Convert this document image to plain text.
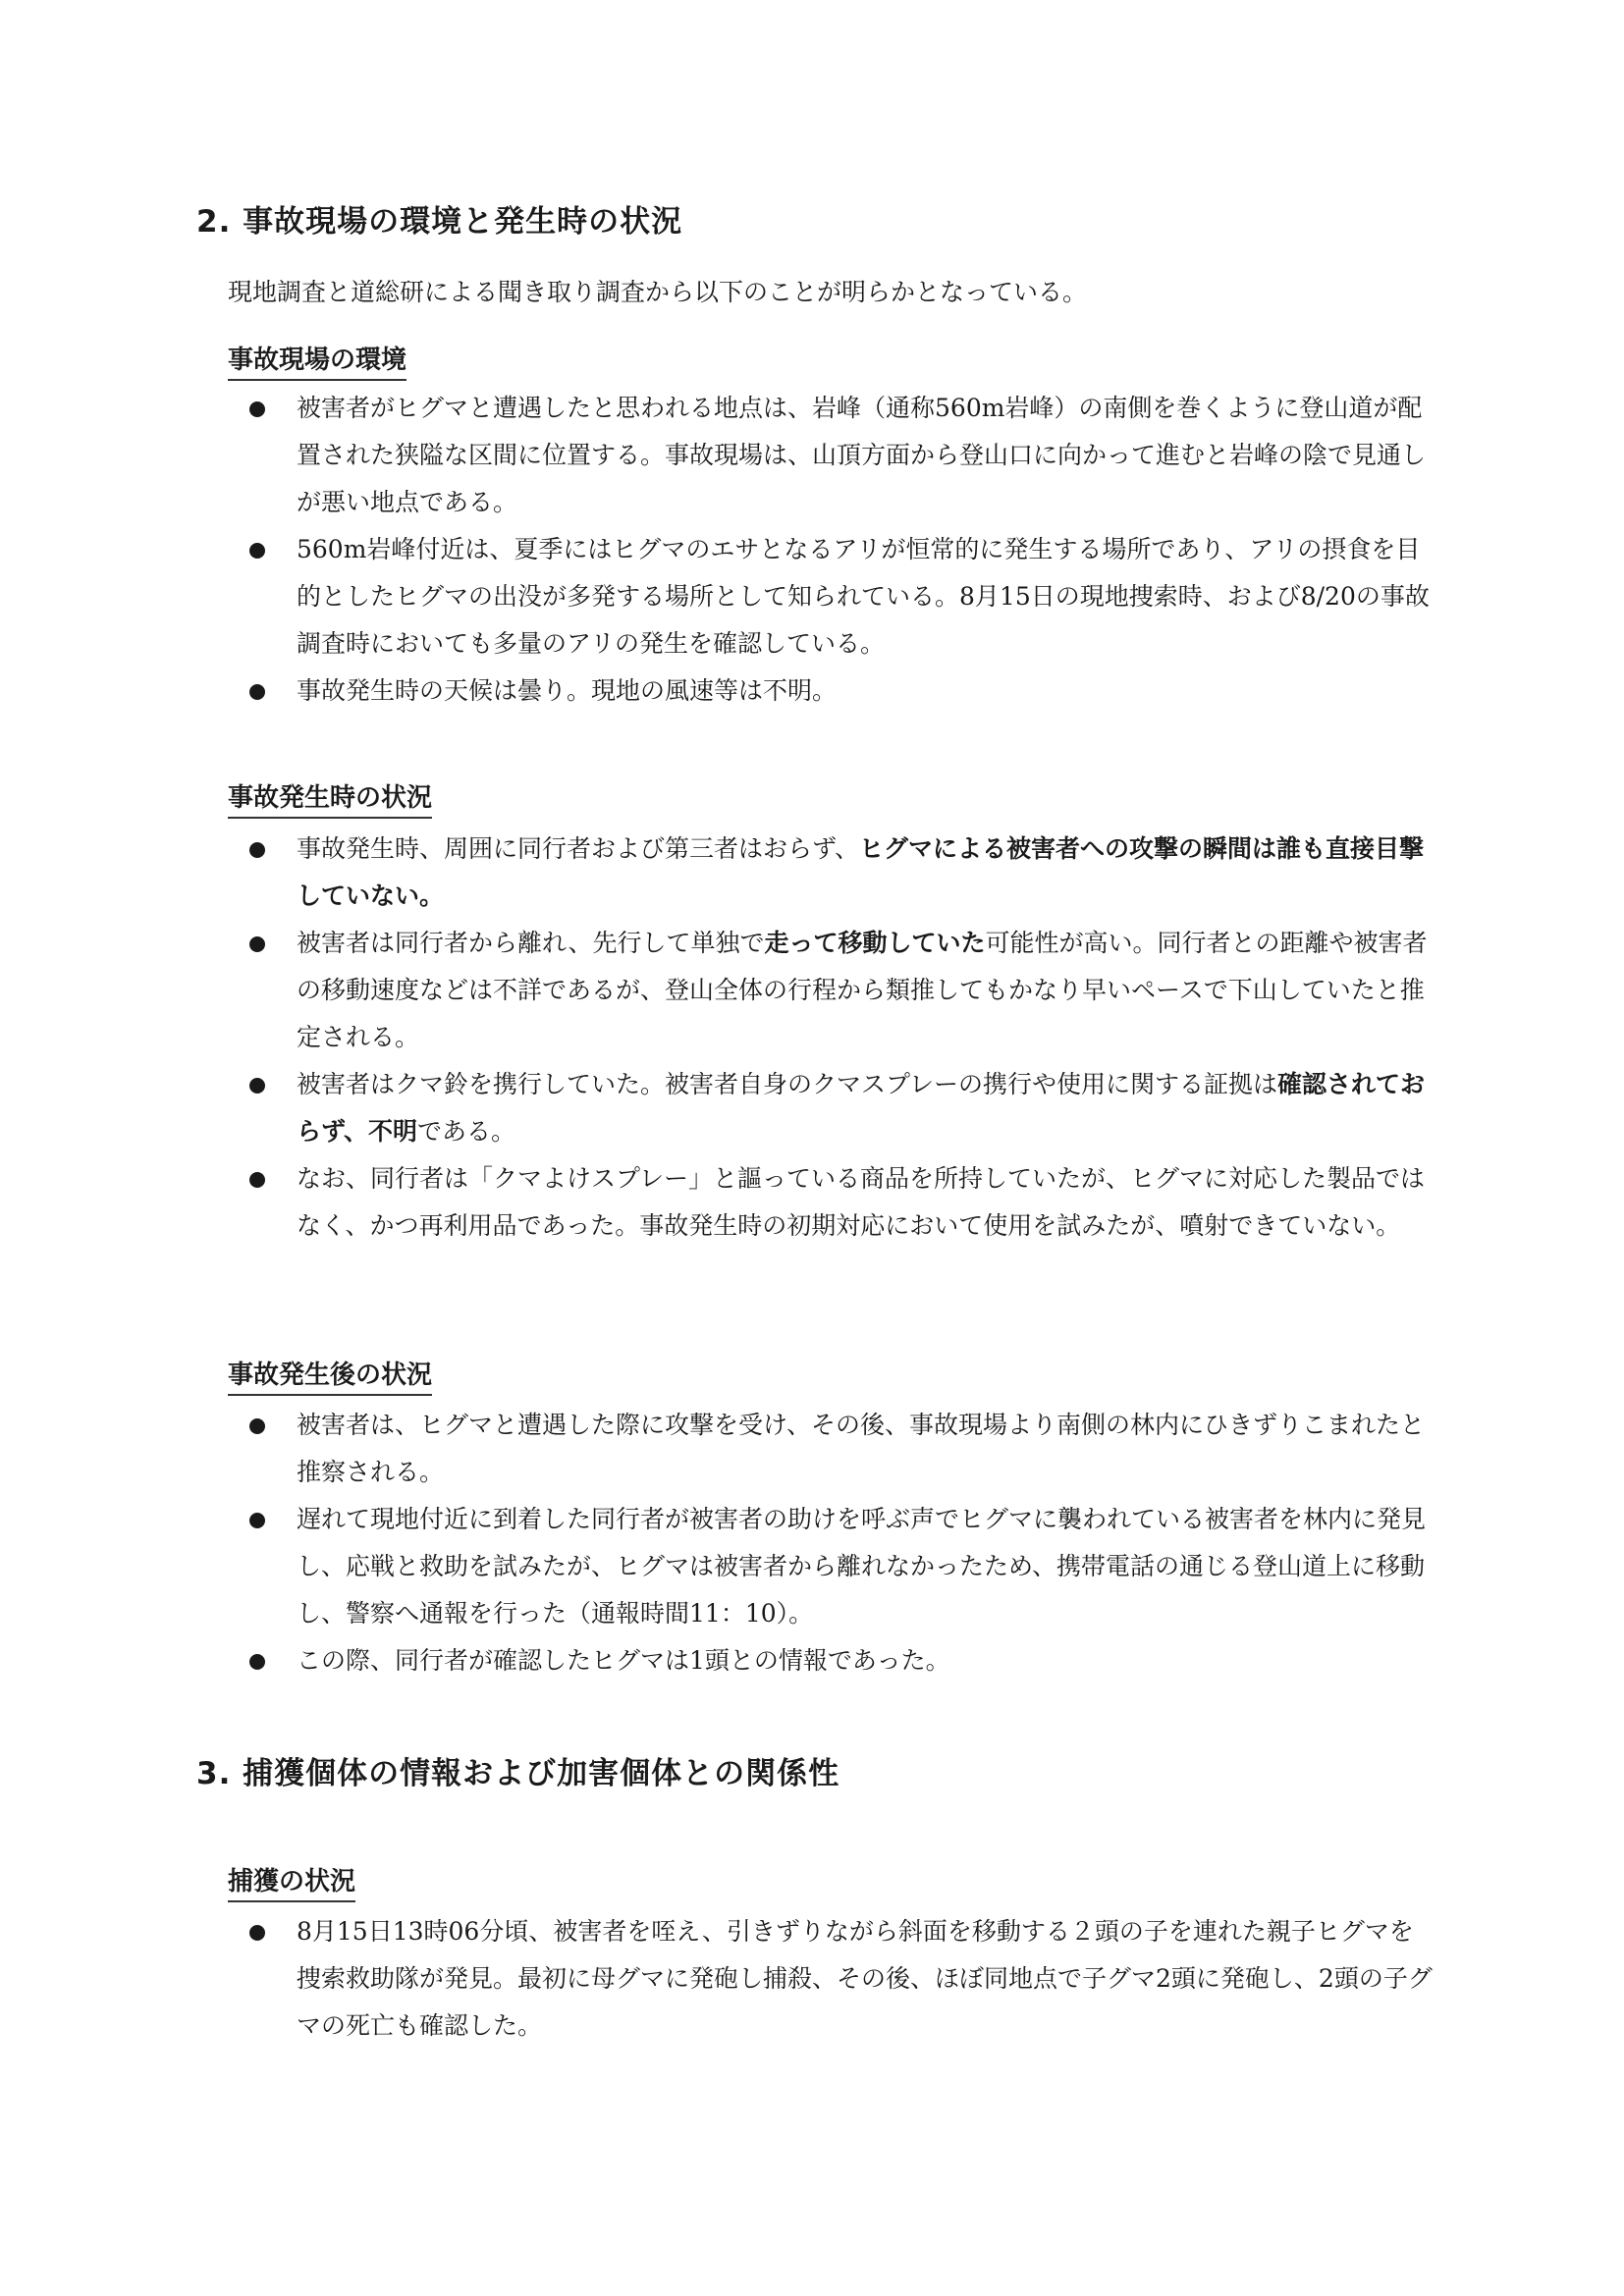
2. 事故現場の環境と発生時の状況

現地調査と道総研による聞き取り調査から以下のことが明らかとなっている。

事故現場の環境
被害者がヒグマと遭遇したと思われる地点は、岩峰（通称560m岩峰）の南側を巻くように登山道が配置された狭隘な区間に位置する。事故現場は、山頂方面から登山口に向かって進むと岩峰の陰で見通しが悪い地点である。
560m岩峰付近は、夏季にはヒグマのエサとなるアリが恒常的に発生する場所であり、アリの摂食を目的としたヒグマの出没が多発する場所として知られている。8月15日の現地捜索時、および8/20の事故調査時においても多量のアリの発生を確認している。
事故発生時の天候は曇り。現地の風速等は不明。
事故発生時の状況
事故発生時、周囲に同行者および第三者はおらず、ヒグマによる被害者への攻撃の瞬間は誰も直接目撃していない。
被害者は同行者から離れ、先行して単独で走って移動していた可能性が高い。同行者との距離や被害者の移動速度などは不詳であるが、登山全体の行程から類推してもかなり早いペースで下山していたと推定される。
被害者はクマ鈴を携行していた。被害者自身のクマスプレーの携行や使用に関する証拠は確認されておらず、不明である。
なお、同行者は「クマよけスプレー」と謳っている商品を所持していたが、ヒグマに対応した製品ではなく、かつ再利用品であった。事故発生時の初期対応において使用を試みたが、噴射できていない。
事故発生後の状況
被害者は、ヒグマと遭遇した際に攻撃を受け、その後、事故現場より南側の林内にひきずりこまれたと推察される。
遅れて現地付近に到着した同行者が被害者の助けを呼ぶ声でヒグマに襲われている被害者を林内に発見し、応戦と救助を試みたが、ヒグマは被害者から離れなかったため、携帯電話の通じる登山道上に移動し、警察へ通報を行った（通報時間11：10）。
この際、同行者が確認したヒグマは1頭との情報であった。
3. 捕獲個体の情報および加害個体との関係性
捕獲の状況
8月15日13時06分頃、被害者を咥え、引きずりながら斜面を移動する２頭の子を連れた親子ヒグマを捜索救助隊が発見。最初に母グマに発砲し捕殺、その後、ほぼ同地点で子グマ2頭に発砲し、2頭の子グマの死亡も確認した。
